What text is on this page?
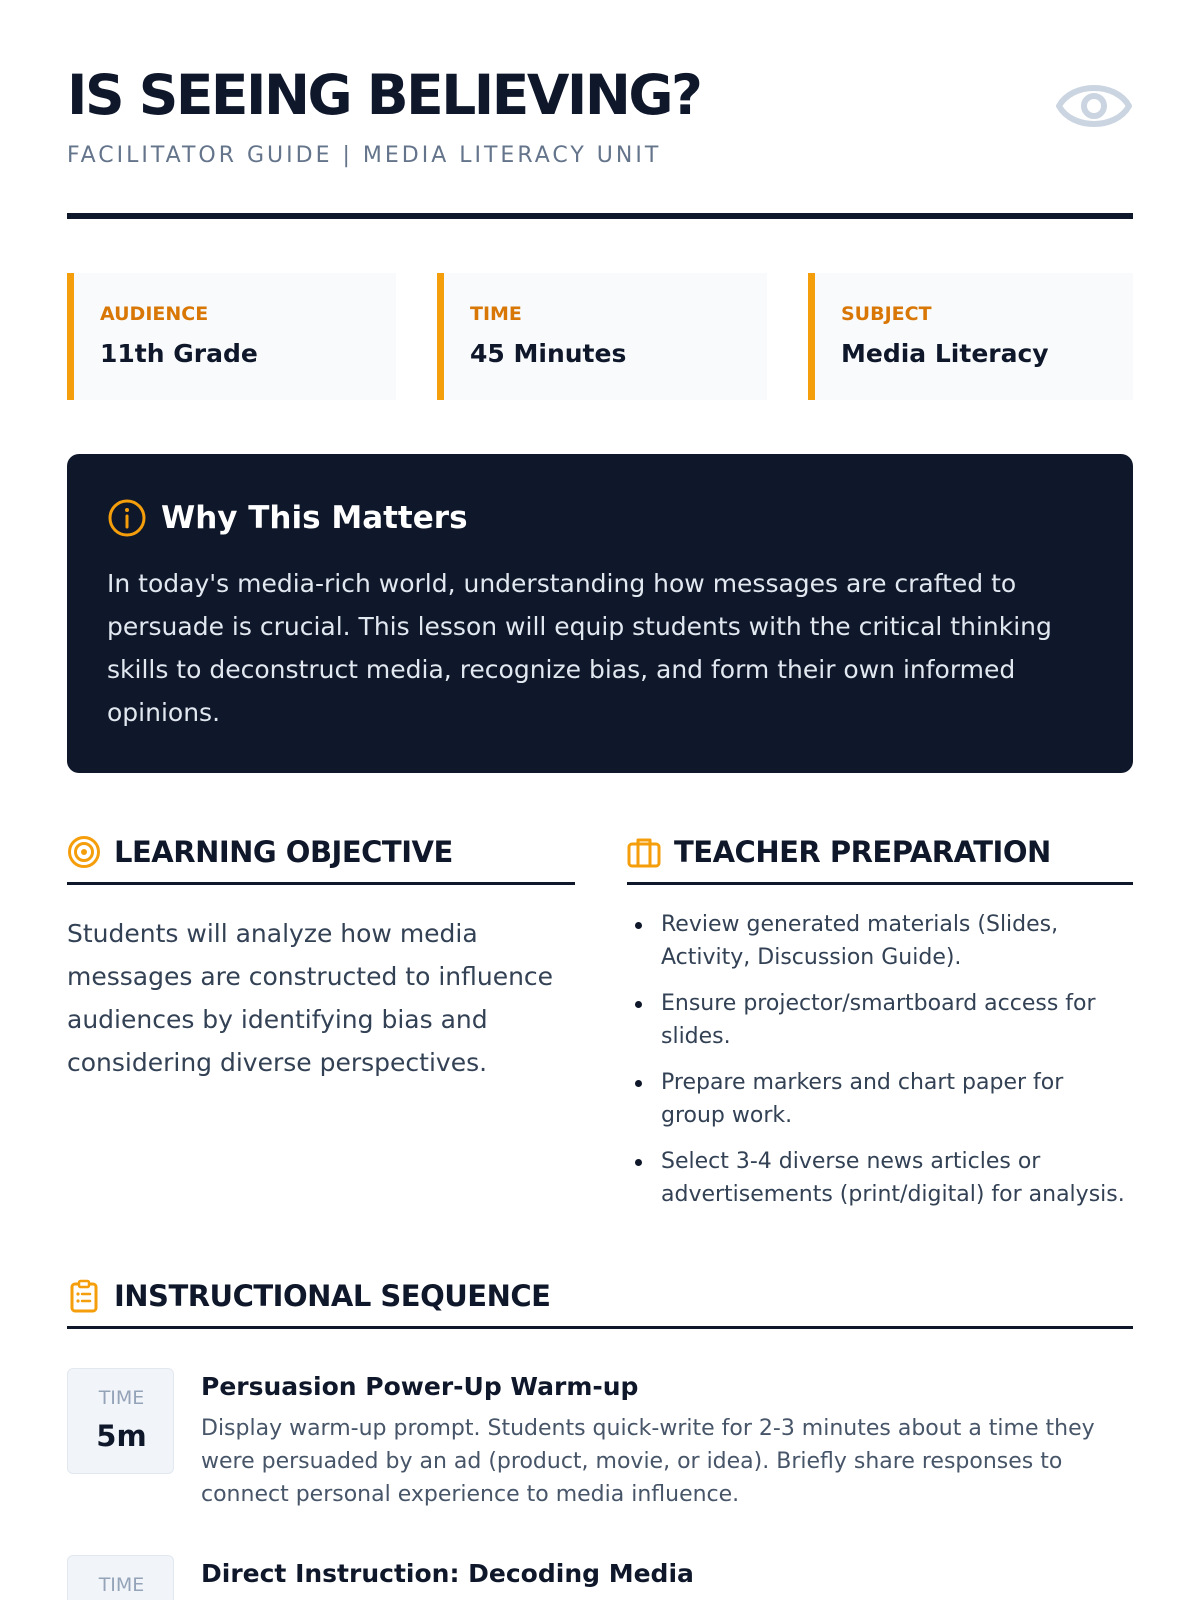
IS SEEING BELIEVING?
FACILITATOR GUIDE | MEDIA LITERACY UNIT
AUDIENCE
11th Grade
TIME
45 Minutes
SUBJECT
Media Literacy
Why This Matters

In today's media-rich world, understanding how messages are crafted to persuade is crucial. This lesson will equip students with the critical thinking skills to deconstruct media, recognize bias, and form their own informed opinions.

LEARNING OBJECTIVE

Students will analyze how media messages are constructed to influence audiences by identifying bias and considering diverse perspectives.

TEACHER PREPARATION
Review generated materials (Slides, Activity, Discussion Guide).
Ensure projector/smartboard access for slides.
Prepare markers and chart paper for group work.
Select 3-4 diverse news articles or advertisements (print/digital) for analysis.
INSTRUCTIONAL SEQUENCE
TIME
5m
Persuasion Power-Up Warm-up

Display warm-up prompt. Students quick-write for 2-3 minutes about a time they were persuaded by an ad (product, movie, or idea). Briefly share responses to connect personal experience to media influence.

TIME	Direct Instruction: Decoding Media
